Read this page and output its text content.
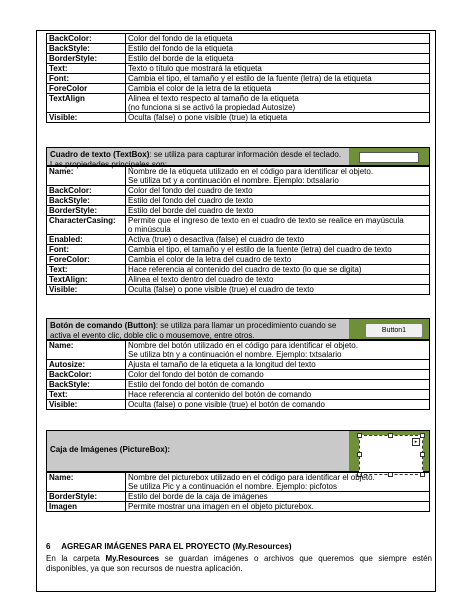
BackColor:	Color del fondo de la etiqueta

BackStyle:	Estilo del fondo de la etiqueta

BorderStyle:	Estilo del borde de la etiqueta

Text:	Texto o título que mostrará la etiqueta

Font:	Cambia el tipo, el tamaño y el estilo de la fuente (letra) de la etiqueta

ForeColor	Cambia el color de la letra de la etiqueta

TextAlign	Alinea el texto respecto al tamaño de la etiqueta
(no funciona si se activó la propiedad Autosize)

Visible:	Oculta (false) o pone visible (true) la etiqueta
Cuadro de texto (TextBox): se utiliza para capturar información desde el teclado. Las propiedades principales son:
Name:	Nombre de la etiqueta utilizado en el código para identificar el objeto.
Se utiliza txt y a continuación el nombre. Ejemplo: txtsalario

BackColor:	Color del fondo del cuadro de texto

BackStyle:	Estilo del fondo del cuadro de texto

BorderStyle:	Estilo del borde del cuadro de texto

CharacterCasing:	Permite que el ingreso de texto en el cuadro de texto se realice en mayúscula
o minúscula

Enabled:	Activa (true) o desactiva (false) el cuadro de texto

Font:	Cambia el tipo, el tamaño y el estilo de la fuente (letra) del cuadro de texto

ForeColor:	Cambia el color de la letra del cuadro de texto

Text:	Hace referencia al contenido del cuadro de texto (lo que se digita)

TextAlign:	Alinea el texto dentro del cuadro de texto

Visible:	Oculta (false) o pone visible (true) el cuadro de texto
Botón de comando (Button): se utiliza para llamar un procedimiento cuando se activa el evento clic, doble clic o mousemove, entre otros.	Button1
Name:	Nombre del botón utilizado en el código para identificar el objeto.
Se utiliza btn y a continuación el nombre. Ejemplo: txtsalario

Autosize:	Ajusta el tamaño de la etiqueta a la longitud del texto

BackColor:	Color del fondo del botón de comando

BackStyle:	Estilo del fondo del botón de comando

Text:	Hace referencia al contenido del botón de comando

Visible:	Oculta (false) o pone visible (true) el botón de comando
Caja de Imágenes (PictureBox):
▸
Name:	Nombre del picturebox utilizado en el código para identificar el objeto.
Se utiliza Pic y a continuación el nombre. Ejemplo: picfotos

BorderStyle:	Estilo del borde de la caja de imágenes

Imagen	Permite mostrar una imagen en el objeto picturebox.
6 AGREGAR IMÁGENES PARA EL PROYECTO (My.Resources)
En la carpeta My.Resources se guardan imágenes o archivos que queremos que siempre estén disponibles, ya que son recursos de nuestra aplicación.
